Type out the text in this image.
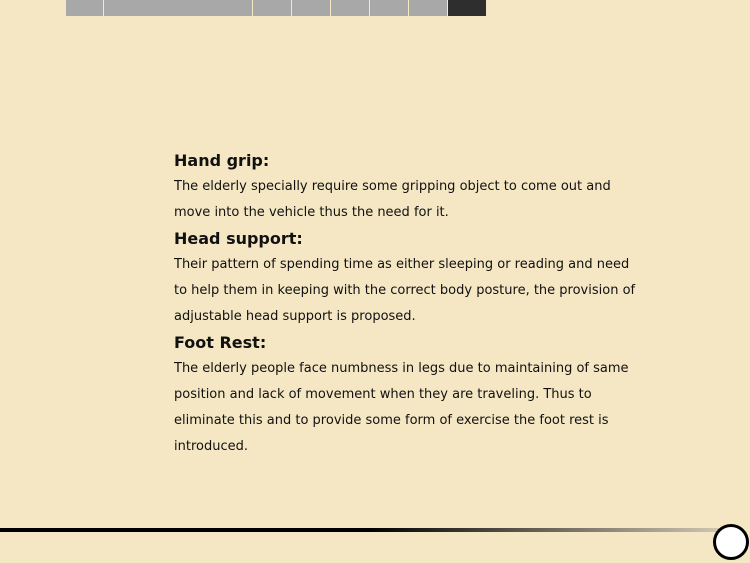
Hand grip:

The elderly specially require some gripping object to come out and move into the vehicle thus the need for it.

Head support:

Their pattern of spending time as either sleeping or reading and need to help them in keeping with the correct body posture, the provision of adjustable head support is proposed.

Foot Rest:

The elderly people face numbness in legs due to maintaining of same position and lack of movement when they are traveling. Thus to eliminate this and to provide some form of exercise the foot rest is introduced.
